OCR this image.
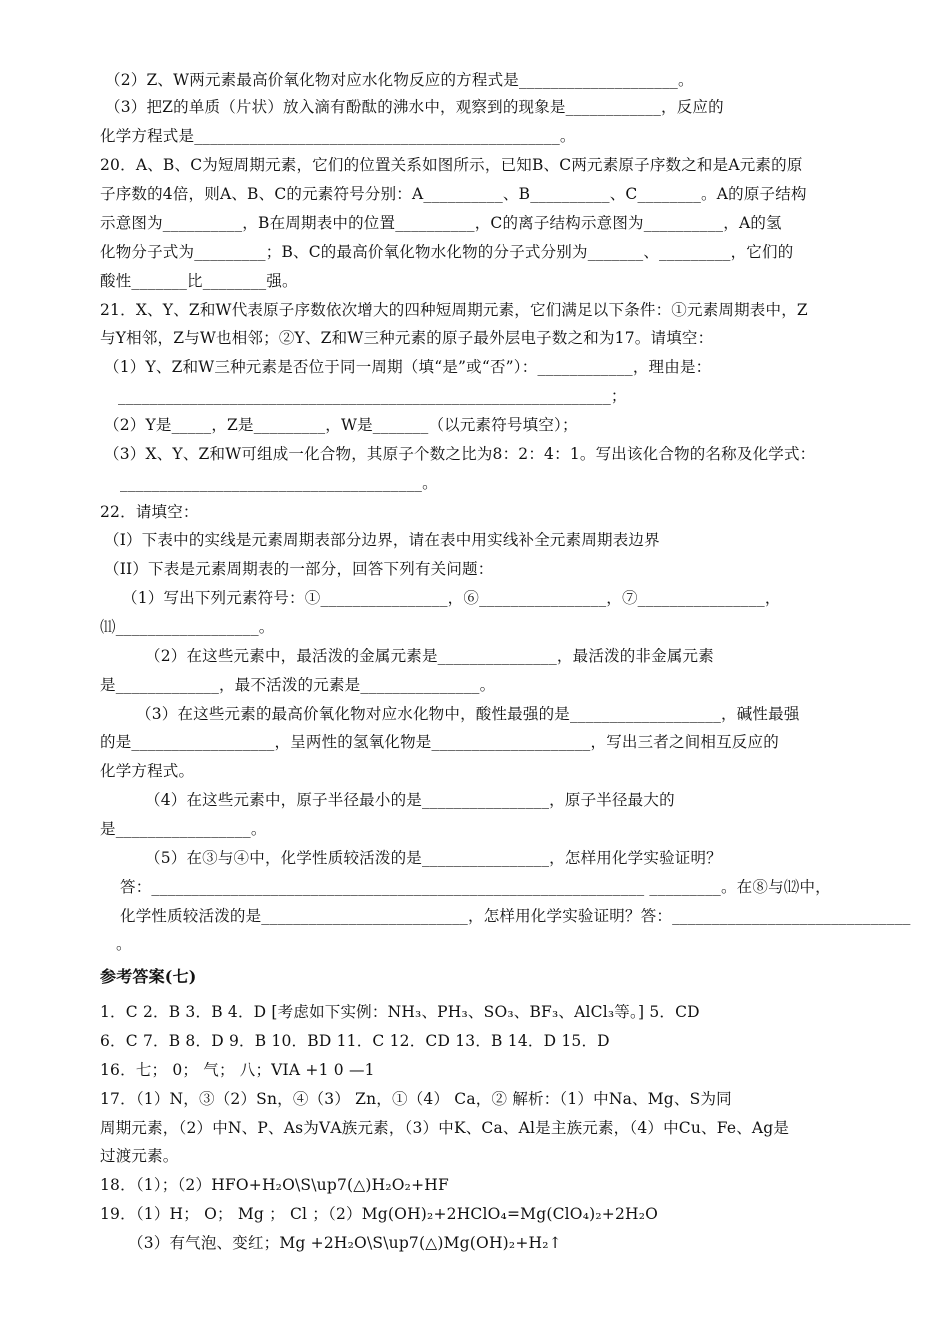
（2）Z、W两元素最高价氧化物对应水化物反应的方程式是____________________。
（3）把Z的单质（片状）放入滴有酚酞的沸水中，观察到的现象是____________，反应的
化学方程式是______________________________________________。
20．A、B、C为短周期元素，它们的位置关系如图所示，已知B、C两元素原子序数之和是A元素的原
子序数的4倍，则A、B、C的元素符号分别：A__________、B__________、C________。A的原子结构
示意图为__________，B在周期表中的位置__________，C的离子结构示意图为__________，A的氢
化物分子式为_________；B、C的最高价氧化物水化物的分子式分别为_______、_________，它们的
酸性_______比________强。
21．X、Y、Z和W代表原子序数依次增大的四种短周期元素，它们满足以下条件：①元素周期表中，Z
与Y相邻，Z与W也相邻；②Y、Z和W三种元素的原子最外层电子数之和为17。请填空：
（1）Y、Z和W三种元素是否位于同一周期（填“是”或“否”）：____________，理由是：
______________________________________________________________；
（2）Y是_____，Z是_________，W是_______（以元素符号填空）；
（3）X、Y、Z和W可组成一化合物，其原子个数之比为8：2：4：1。写出该化合物的名称及化学式：
______________________________________。
22．请填空：
（I）下表中的实线是元素周期表部分边界，请在表中用实线补全元素周期表边界
（II）下表是元素周期表的一部分，回答下列有关问题：
（1）写出下列元素符号：①________________，⑥________________，⑦________________，
⑾__________________。
（2）在这些元素中，最活泼的金属元素是_______________，最活泼的非金属元素
是_____________，最不活泼的元素是_______________。
（3）在这些元素的最高价氧化物对应水化物中，酸性最强的是___________________，碱性最强
的是__________________，呈两性的氢氧化物是____________________，写出三者之间相互反应的
化学方程式。
（4）在这些元素中，原子半径最小的是________________，原子半径最大的
是_________________。
（5）在③与④中，化学性质较活泼的是________________，怎样用化学实验证明？
答：______________________________________________________________ _________。在⑧与⑿中，
化学性质较活泼的是__________________________，怎样用化学实验证明？答：______________________________
。
参考答案(七)
1．C 2．B 3．B 4．D [考虑如下实例：NH₃、PH₃、SO₃、BF₃、AlCl₃等。] 5．CD
6．C 7．B 8．D 9．B 10．BD 11．C 12．CD 13．B 14．D 15．D
16．七； 0； 气； 八；VIA +1 0 —1
17．（1）N，③（2）Sn，④（3） Zn，①（4） Ca，② 解析：（1）中Na、Mg、S为同
周期元素，（2）中N、P、As为ⅤA族元素，（3）中K、Ca、Al是主族元素，（4）中Cu、Fe、Ag是
过渡元素。
18．（1）；（2）HFO+H₂O\S\up7(△)H₂O₂+HF
19．（1）H； O； Mg ； Cl ；（2）Mg(OH)₂+2HClO₄=Mg(ClO₄)₂+2H₂O
（3）有气泡、变红；Mg +2H₂O\S\up7(△)Mg(OH)₂+H₂↑
